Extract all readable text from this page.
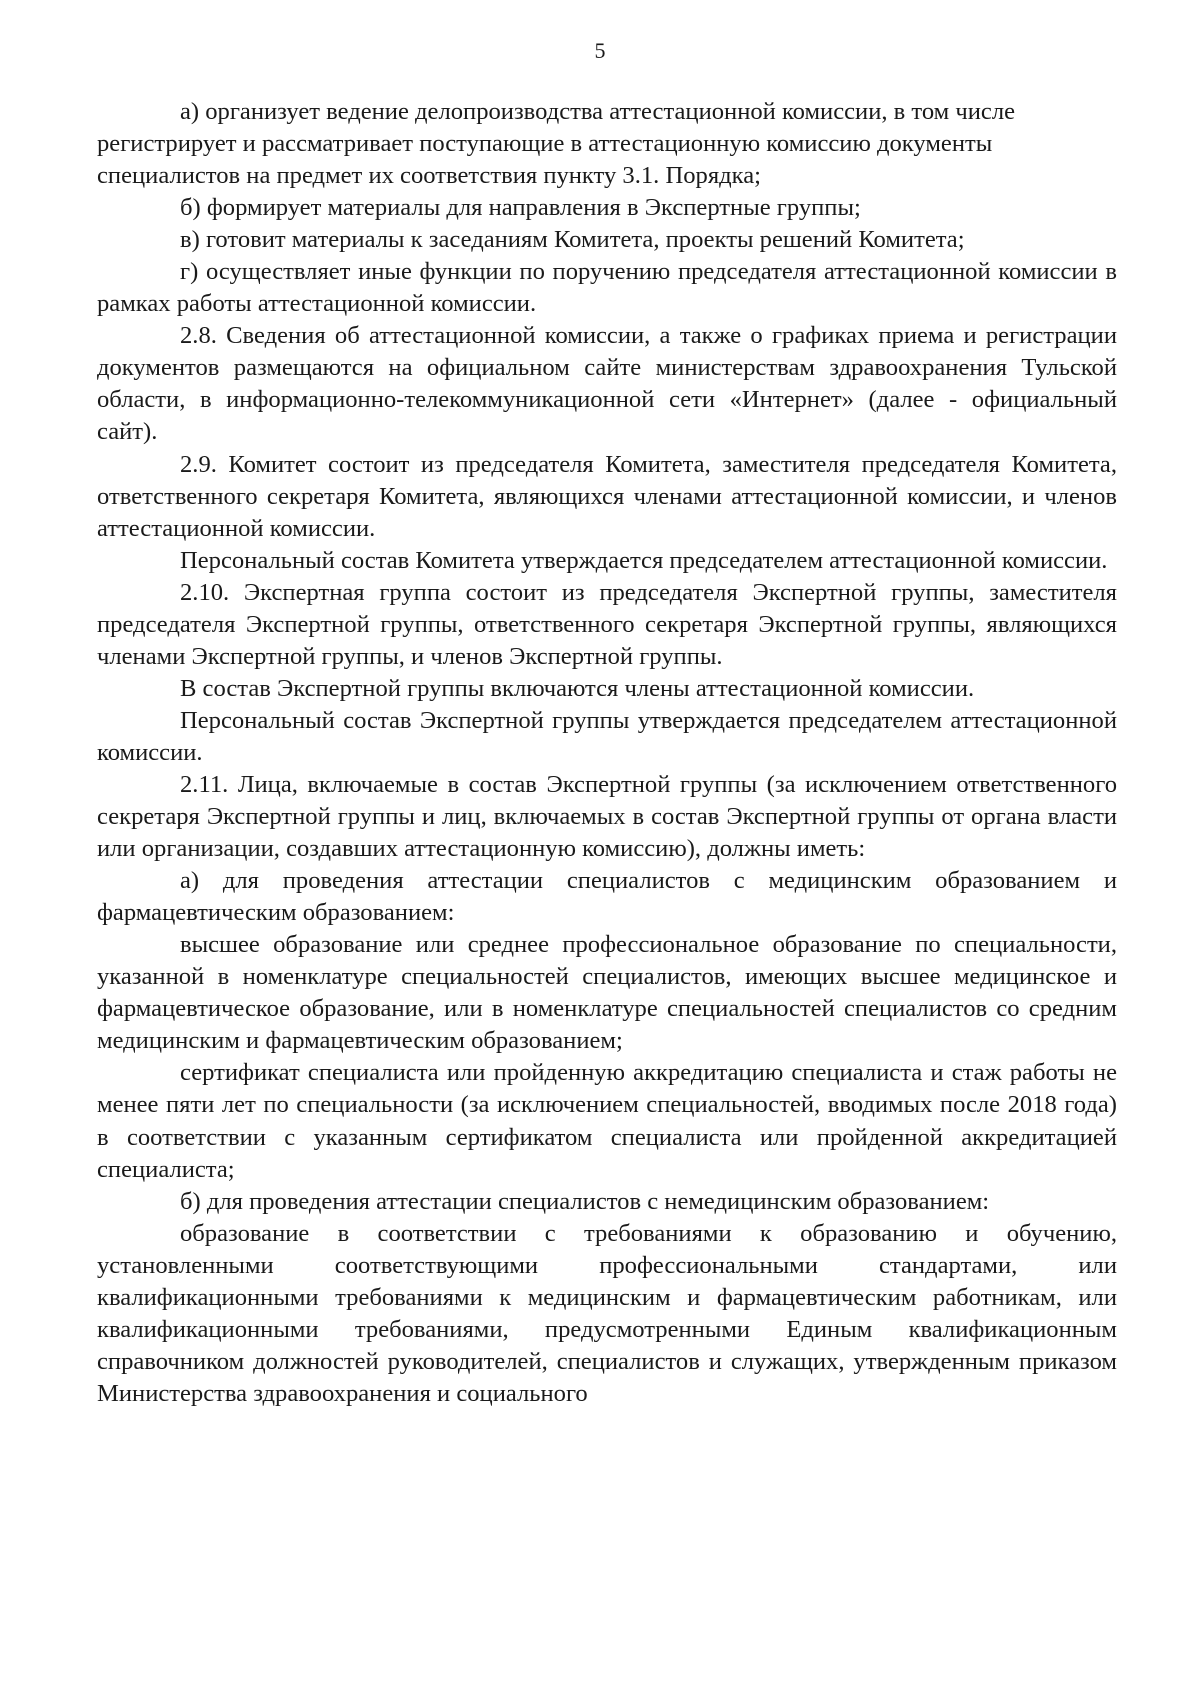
5

а) организует ведение делопроизводства аттестационной комиссии, в том числе регистрирует и рассматривает поступающие в аттестационную комиссию документы специалистов на предмет их соответствия пункту 3.1. Порядка;

б) формирует материалы для направления в Экспертные группы;

в) готовит материалы к заседаниям Комитета, проекты решений Комитета;

г) осуществляет иные функции по поручению председателя аттестационной комиссии в рамках работы аттестационной комиссии.

2.8. Сведения об аттестационной комиссии, а также о графиках приема и регистрации документов размещаются на официальном сайте министерствам здравоохранения Тульской области, в информационно-телекоммуникационной сети «Интернет» (далее - официальный сайт).

2.9. Комитет состоит из председателя Комитета, заместителя председателя Комитета, ответственного секретаря Комитета, являющихся членами аттестационной комиссии, и членов аттестационной комиссии.

Персональный состав Комитета утверждается председателем аттестационной комиссии.

2.10. Экспертная группа состоит из председателя Экспертной группы, заместителя председателя Экспертной группы, ответственного секретаря Экспертной группы, являющихся членами Экспертной группы, и членов Экспертной группы.

В состав Экспертной группы включаются члены аттестационной комиссии.

Персональный состав Экспертной группы утверждается председателем аттестационной комиссии.

2.11. Лица, включаемые в состав Экспертной группы (за исключением ответственного секретаря Экспертной группы и лиц, включаемых в состав Экспертной группы от органа власти или организации, создавших аттестационную комиссию), должны иметь:

а) для проведения аттестации специалистов с медицинским образованием и фармацевтическим образованием:

высшее образование или среднее профессиональное образование по специальности, указанной в номенклатуре специальностей специалистов, имеющих высшее медицинское и фармацевтическое образование, или в номенклатуре специальностей специалистов со средним медицинским и фармацевтическим образованием;

сертификат специалиста или пройденную аккредитацию специалиста и стаж работы не менее пяти лет по специальности (за исключением специальностей, вводимых после 2018 года) в соответствии с указанным сертификатом специалиста или пройденной аккредитацией специалиста;

б) для проведения аттестации специалистов с немедицинским образованием:

образование в соответствии с требованиями к образованию и обучению, установленными соответствующими профессиональными стандартами, или квалификационными требованиями к медицинским и фармацевтическим работникам, или квалификационными требованиями, предусмотренными Единым квалификационным справочником должностей руководителей, специалистов и служащих, утвержденным приказом Министерства здравоохранения и социального
